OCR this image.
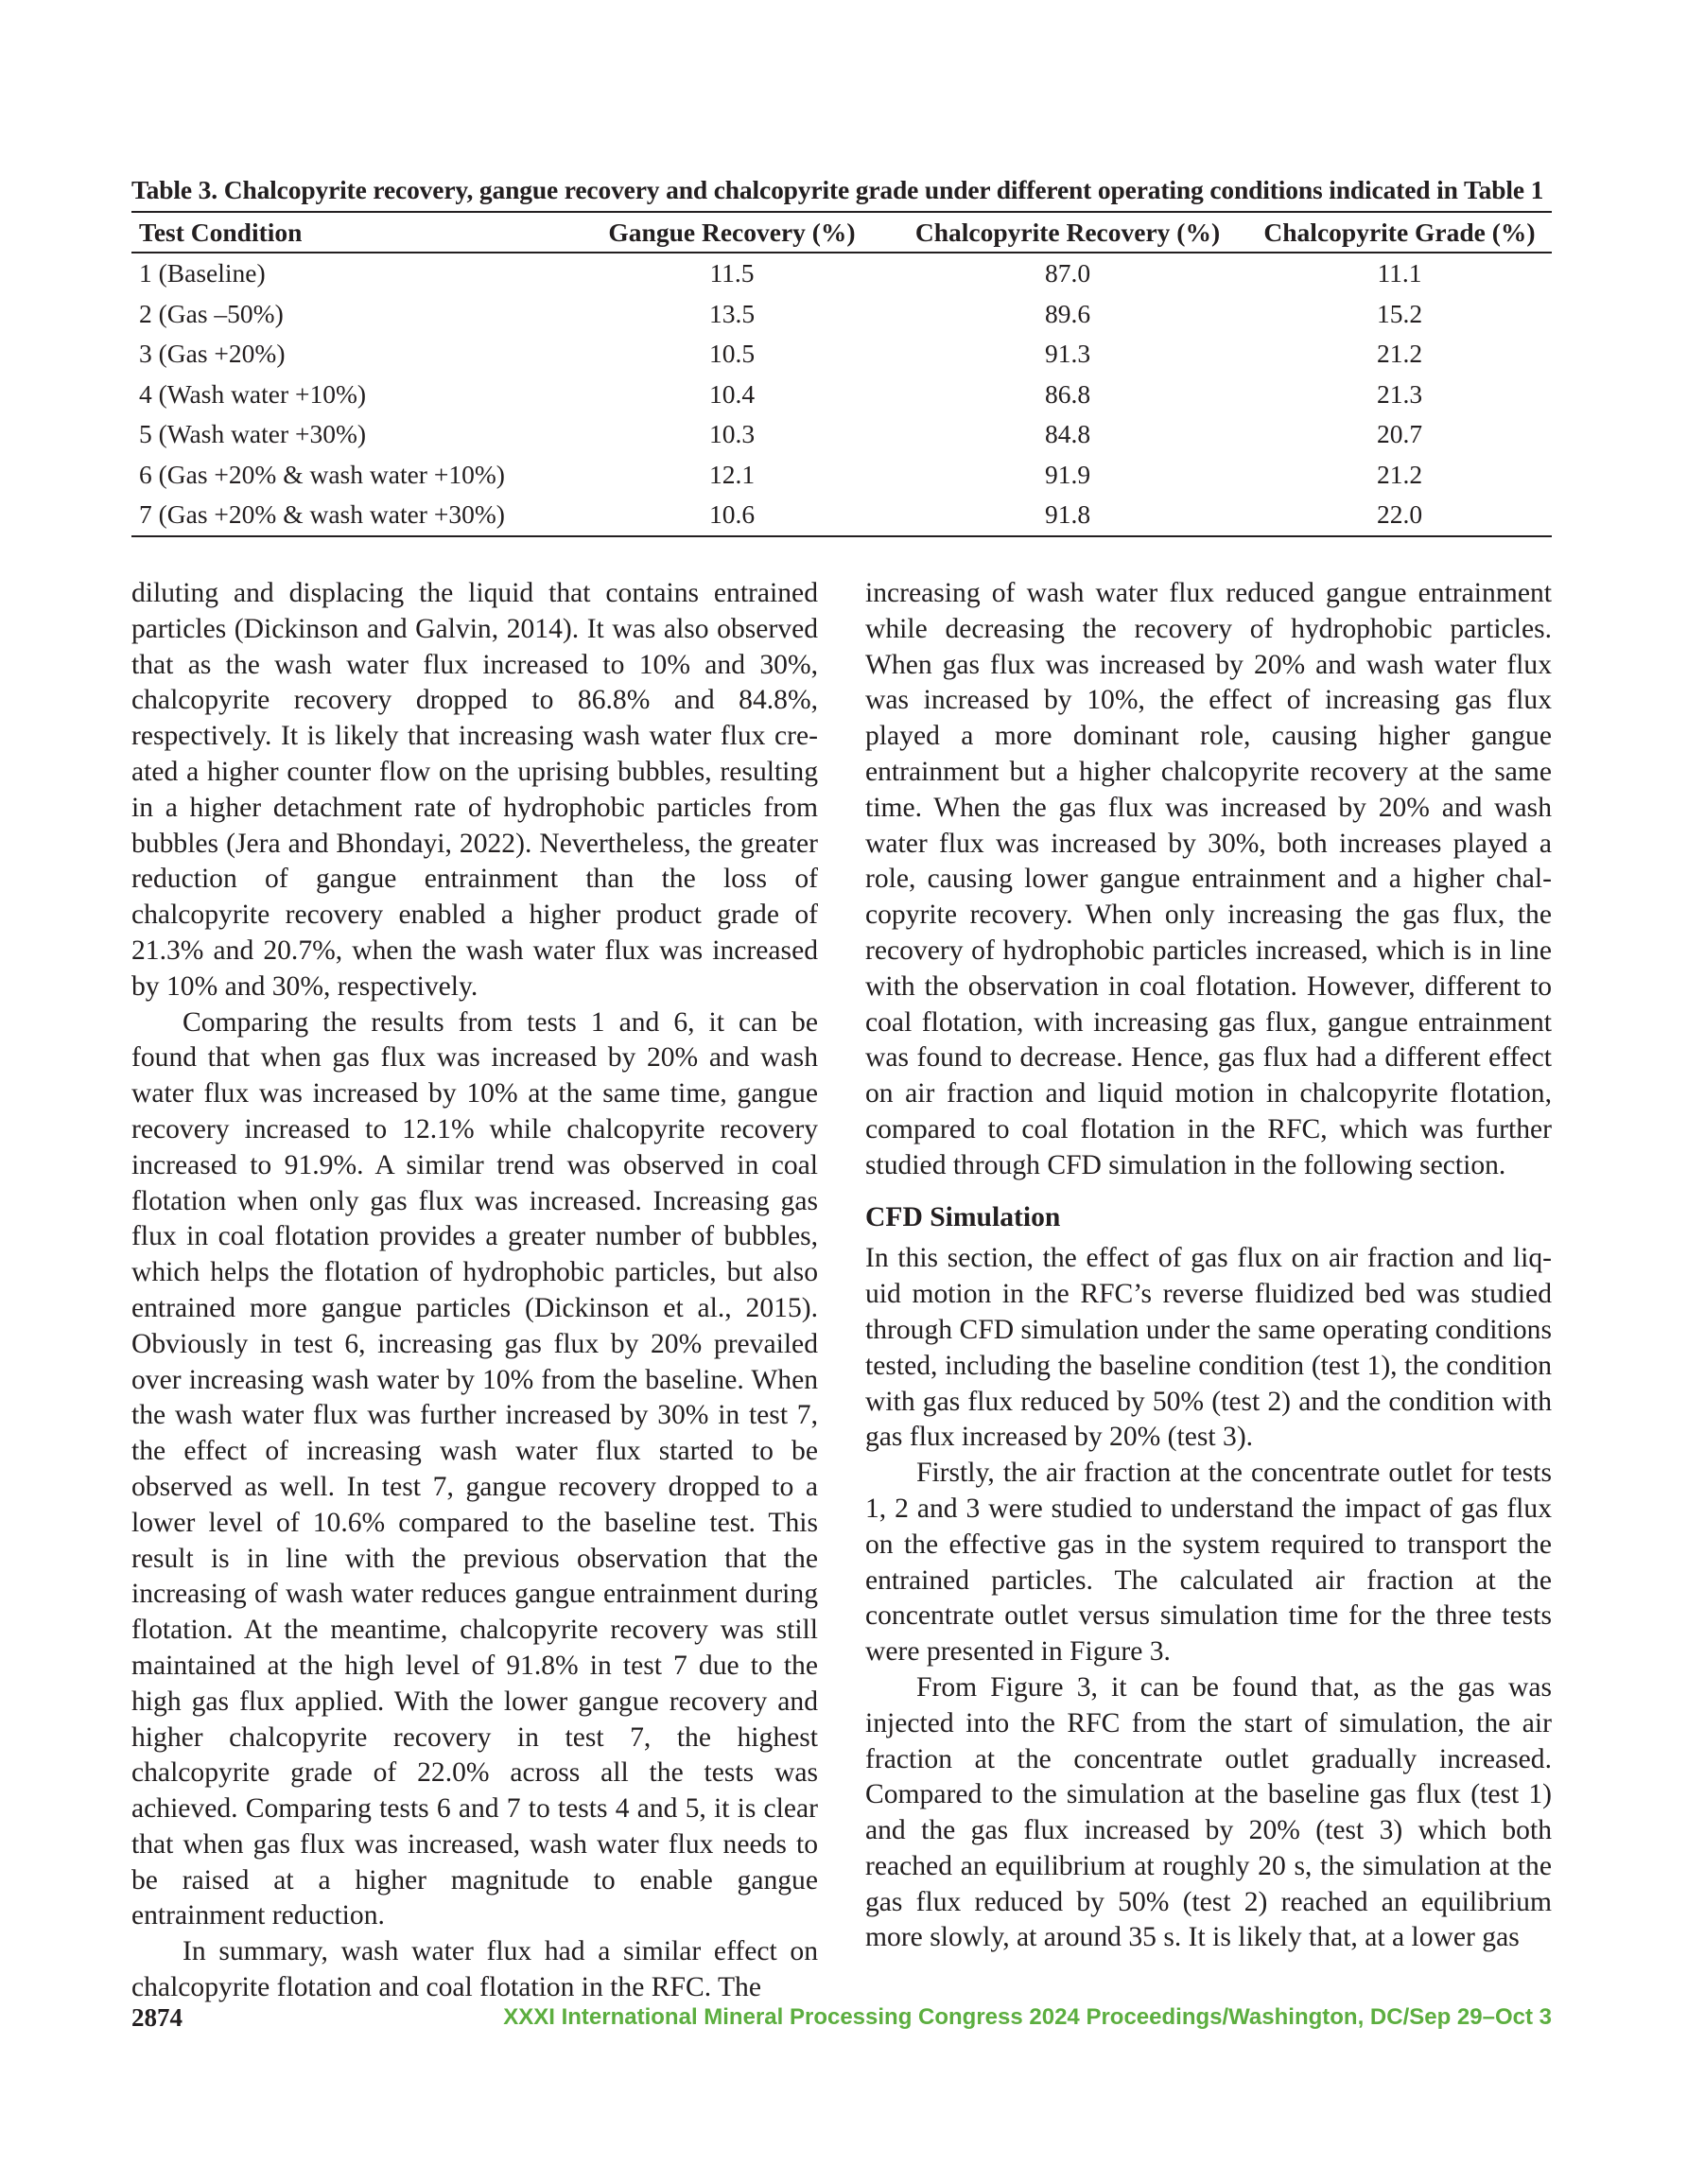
Table 3. Chalcopyrite recovery, gangue recovery and chalcopyrite grade under different operating conditions indicated in Table 1
Test Condition	Gangue Recovery (%)	Chalcopyrite Recovery (%)	Chalcopyrite Grade (%)
1 (Baseline)	11.5	87.0	11.1
2 (Gas –50%)	13.5	89.6	15.2
3 (Gas +20%)	10.5	91.3	21.2
4 (Wash water +10%)	10.4	86.8	21.3
5 (Wash water +30%)	10.3	84.8	20.7
6 (Gas +20% & wash water +10%)	12.1	91.9	21.2
7 (Gas +20% & wash water +30%)	10.6	91.8	22.0

diluting and displacing the liquid that contains entrained particles (Dickinson and Galvin, 2014). It was also observed that as the wash water flux increased to 10% and 30%, chalcopyrite recovery dropped to 86.8% and 84.8%, respectively. It is likely that increasing wash water flux created a higher counter flow on the uprising bubbles, resulting in a higher detachment rate of hydrophobic particles from bubbles (Jera and Bhondayi, 2022). Nevertheless, the greater reduction of gangue entrainment than the loss of chalcopyrite recovery enabled a higher product grade of 21.3% and 20.7%, when the wash water flux was increased by 10% and 30%, respectively.

Comparing the results from tests 1 and 6, it can be found that when gas flux was increased by 20% and wash water flux was increased by 10% at the same time, gangue recovery increased to 12.1% while chalcopyrite recovery increased to 91.9%. A similar trend was observed in coal flotation when only gas flux was increased. Increasing gas flux in coal flotation provides a greater number of bubbles, which helps the flotation of hydrophobic particles, but also entrained more gangue particles (Dickinson et al., 2015). Obviously in test 6, increasing gas flux by 20% prevailed over increasing wash water by 10% from the baseline. When the wash water flux was further increased by 30% in test 7, the effect of increasing wash water flux started to be observed as well. In test 7, gangue recovery dropped to a lower level of 10.6% compared to the baseline test. This result is in line with the previous observation that the increasing of wash water reduces gangue entrainment during flotation. At the meantime, chalcopyrite recovery was still maintained at the high level of 91.8% in test 7 due to the high gas flux applied. With the lower gangue recovery and higher chalcopyrite recovery in test 7, the highest chalcopyrite grade of 22.0% across all the tests was achieved. Comparing tests 6 and 7 to tests 4 and 5, it is clear that when gas flux was increased, wash water flux needs to be raised at a higher magnitude to enable gangue entrainment reduction.

In summary, wash water flux had a similar effect on chalcopyrite flotation and coal flotation in the RFC. The

increasing of wash water flux reduced gangue entrainment while decreasing the recovery of hydrophobic particles. When gas flux was increased by 20% and wash water flux was increased by 10%, the effect of increasing gas flux played a more dominant role, causing higher gangue entrainment but a higher chalcopyrite recovery at the same time. When the gas flux was increased by 20% and wash water flux was increased by 30%, both increases played a role, causing lower gangue entrainment and a higher chalcopyrite recovery. When only increasing the gas flux, the recovery of hydrophobic particles increased, which is in line with the observation in coal flotation. However, different to coal flotation, with increasing gas flux, gangue entrainment was found to decrease. Hence, gas flux had a different effect on air fraction and liquid motion in chalcopyrite flotation, compared to coal flotation in the RFC, which was further studied through CFD simulation in the following section.

CFD Simulation

In this section, the effect of gas flux on air fraction and liquid motion in the RFC’s reverse fluidized bed was studied through CFD simulation under the same operating conditions tested, including the baseline condition (test 1), the condition with gas flux reduced by 50% (test 2) and the condition with gas flux increased by 20% (test 3).

Firstly, the air fraction at the concentrate outlet for tests 1, 2 and 3 were studied to understand the impact of gas flux on the effective gas in the system required to transport the entrained particles. The calculated air fraction at the concentrate outlet versus simulation time for the three tests were presented in Figure 3.

From Figure 3, it can be found that, as the gas was injected into the RFC from the start of simulation, the air fraction at the concentrate outlet gradually increased. Compared to the simulation at the baseline gas flux (test 1) and the gas flux increased by 20% (test 3) which both reached an equilibrium at roughly 20 s, the simulation at the gas flux reduced by 50% (test 2) reached an equilibrium more slowly, at around 35 s. It is likely that, at a lower gas

2874	XXXI International Mineral Processing Congress 2024 Proceedings/Washington, DC/Sep 29–Oct 3
